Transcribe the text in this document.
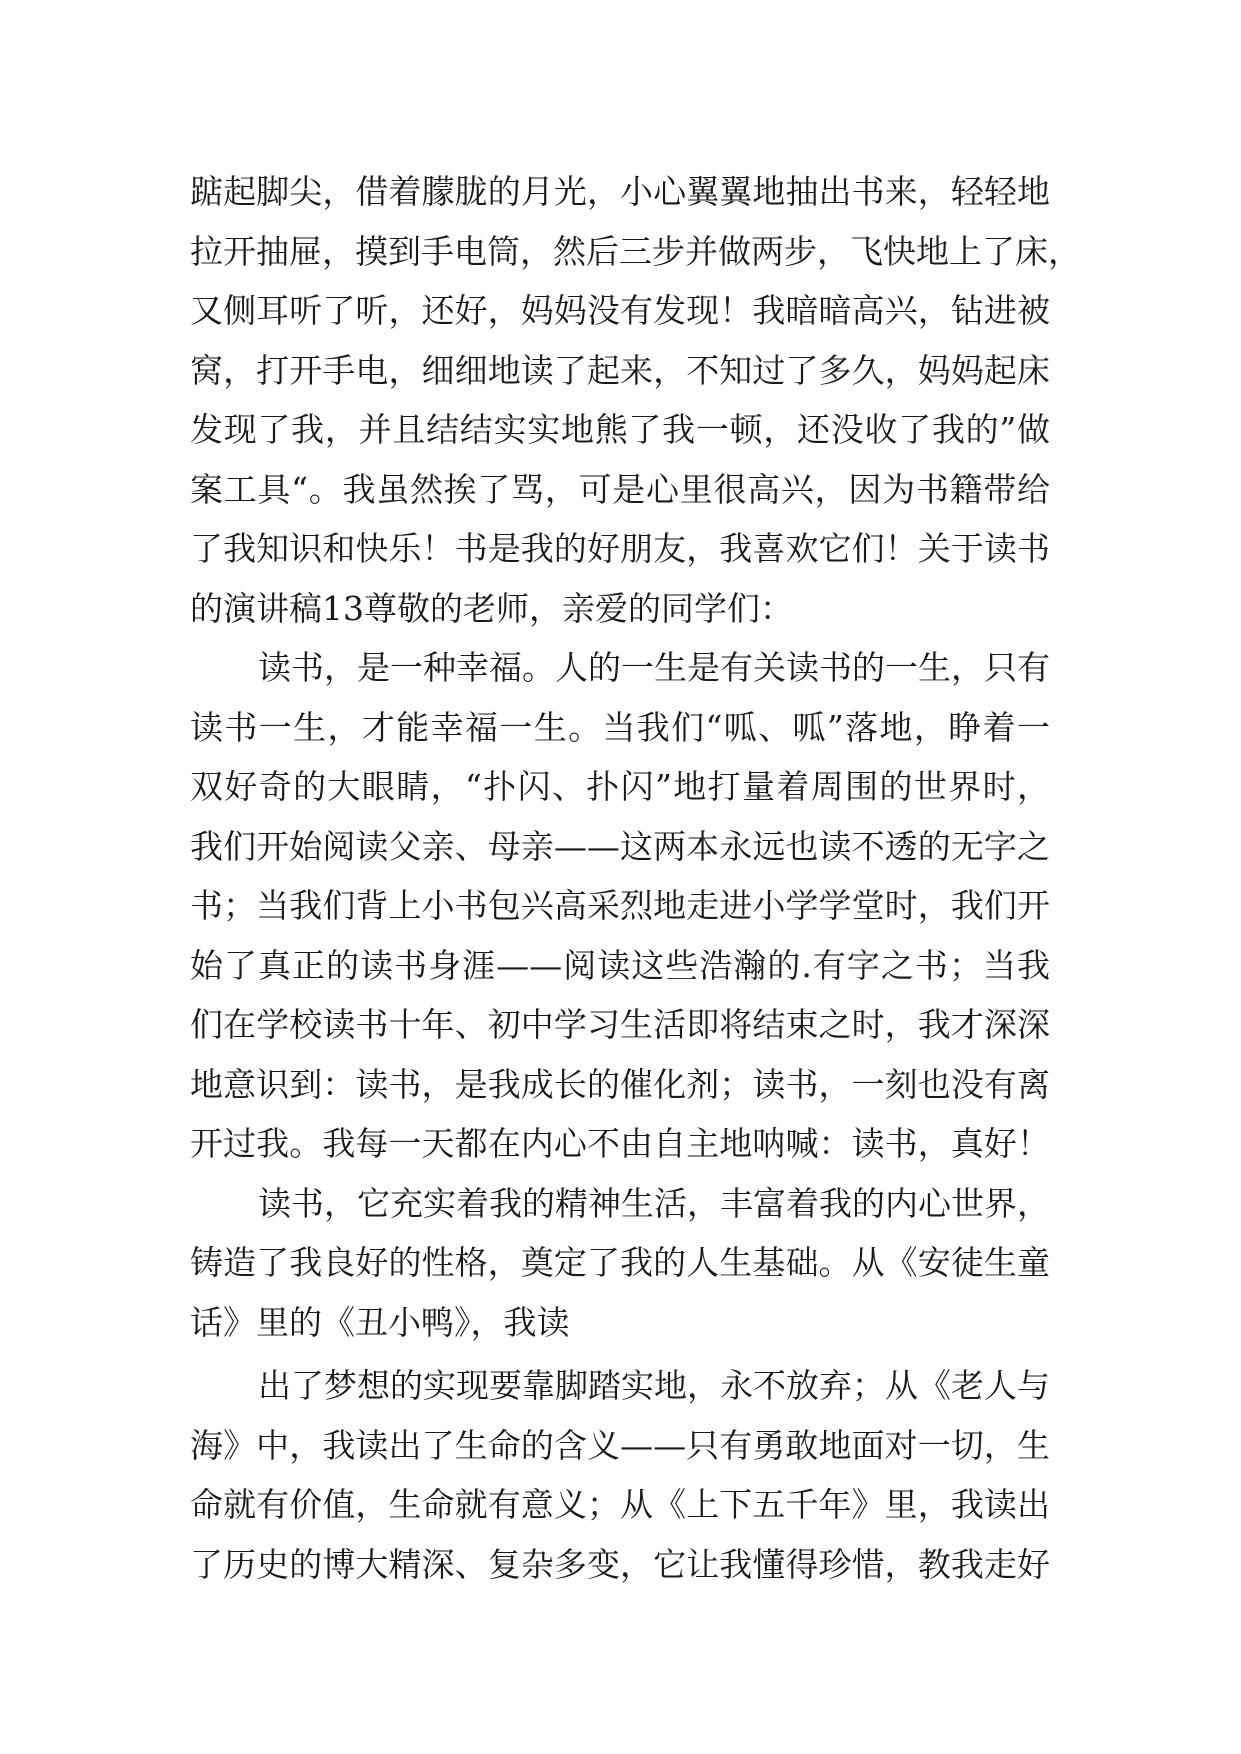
踮起脚尖，借着朦胧的月光，小心翼翼地抽出书来，轻轻地
拉开抽屉，摸到手电筒，然后三步并做两步，飞快地上了床，
又侧耳听了听，还好，妈妈没有发现！我暗暗高兴，钻进被
窝，打开手电，细细地读了起来，不知过了多久，妈妈起床
发现了我，并且结结实实地熊了我一顿，还没收了我的”做
案工具“。我虽然挨了骂，可是心里很高兴，因为书籍带给
了我知识和快乐！书是我的好朋友，我喜欢它们！关于读书
的演讲稿13尊敬的老师，亲爱的同学们：
读书，是一种幸福。人的一生是有关读书的一生，只有
读书一生，才能幸福一生。当我们“呱、呱”落地，睁着一
双好奇的大眼睛，“扑闪、扑闪”地打量着周围的世界时，
我们开始阅读父亲、母亲——这两本永远也读不透的无字之
书；当我们背上小书包兴高采烈地走进小学学堂时，我们开
始了真正的读书身涯——阅读这些浩瀚的.有字之书；当我
们在学校读书十年、初中学习生活即将结束之时，我才深深
地意识到：读书，是我成长的催化剂；读书，一刻也没有离
开过我。我每一天都在内心不由自主地呐喊：读书，真好！
读书，它充实着我的精神生活，丰富着我的内心世界，
铸造了我良好的性格，奠定了我的人生基础。从《安徒生童
话》里的《丑小鸭》，我读
出了梦想的实现要靠脚踏实地，永不放弃；从《老人与
海》中，我读出了生命的含义——只有勇敢地面对一切，生
命就有价值，生命就有意义；从《上下五千年》里，我读出
了历史的博大精深、复杂多变，它让我懂得珍惜，教我走好
